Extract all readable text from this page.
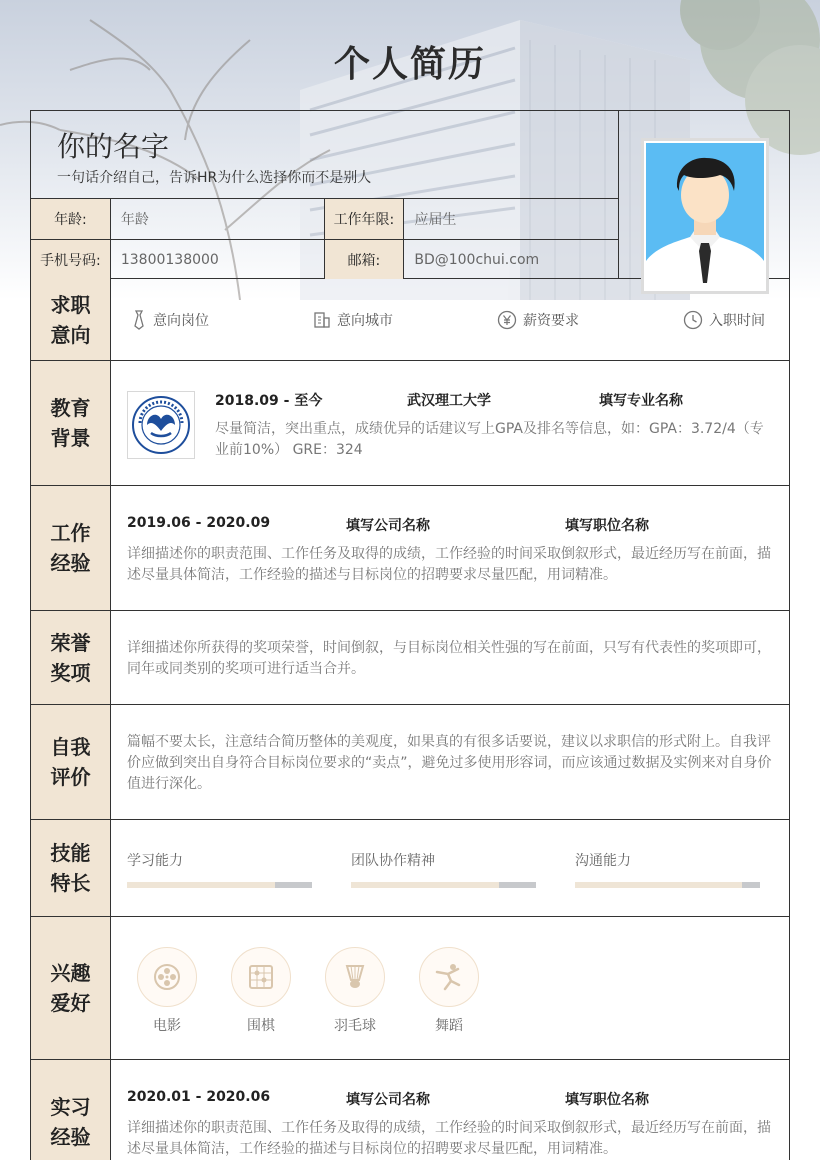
个人简历
你的名字
一句话介绍自己，告诉HR为什么选择你而不是别人
年龄:	年龄	工作年限:	应届生
手机号码:	13800138000	邮箱:	BD@100chui.com
求职
意向
意向岗位	意向城市	薪资要求	入职时间
教育
背景
2018.09 - 至今	武汉理工大学	填写专业名称
尽量简洁，突出重点，成绩优异的话建议写上GPA及排名等信息，如：GPA：3.72/4（专业前10%） GRE：324
工作
经验
2019.06 - 2020.09	填写公司名称	填写职位名称
详细描述你的职责范围、工作任务及取得的成绩，工作经验的时间采取倒叙形式，最近经历写在前面，描述尽量具体简洁，工作经验的描述与目标岗位的招聘要求尽量匹配，用词精准。
荣誉
奖项
详细描述你所获得的奖项荣誉，时间倒叙，与目标岗位相关性强的写在前面，只写有代表性的奖项即可，同年或同类别的奖项可进行适当合并。
自我
评价
篇幅不要太长，注意结合简历整体的美观度，如果真的有很多话要说，建议以求职信的形式附上。自我评价应做到突出自身符合目标岗位要求的“卖点”，避免过多使用形容词，而应该通过数据及实例来对自身价值进行深化。
技能
特长
学习能力	团队协作精神	沟通能力
兴趣
爱好
电影	围棋	羽毛球	舞蹈
实习
经验
2020.01 - 2020.06	填写公司名称	填写职位名称
详细描述你的职责范围、工作任务及取得的成绩，工作经验的时间采取倒叙形式，最近经历写在前面，描述尽量具体简洁，工作经验的描述与目标岗位的招聘要求尽量匹配，用词精准。
